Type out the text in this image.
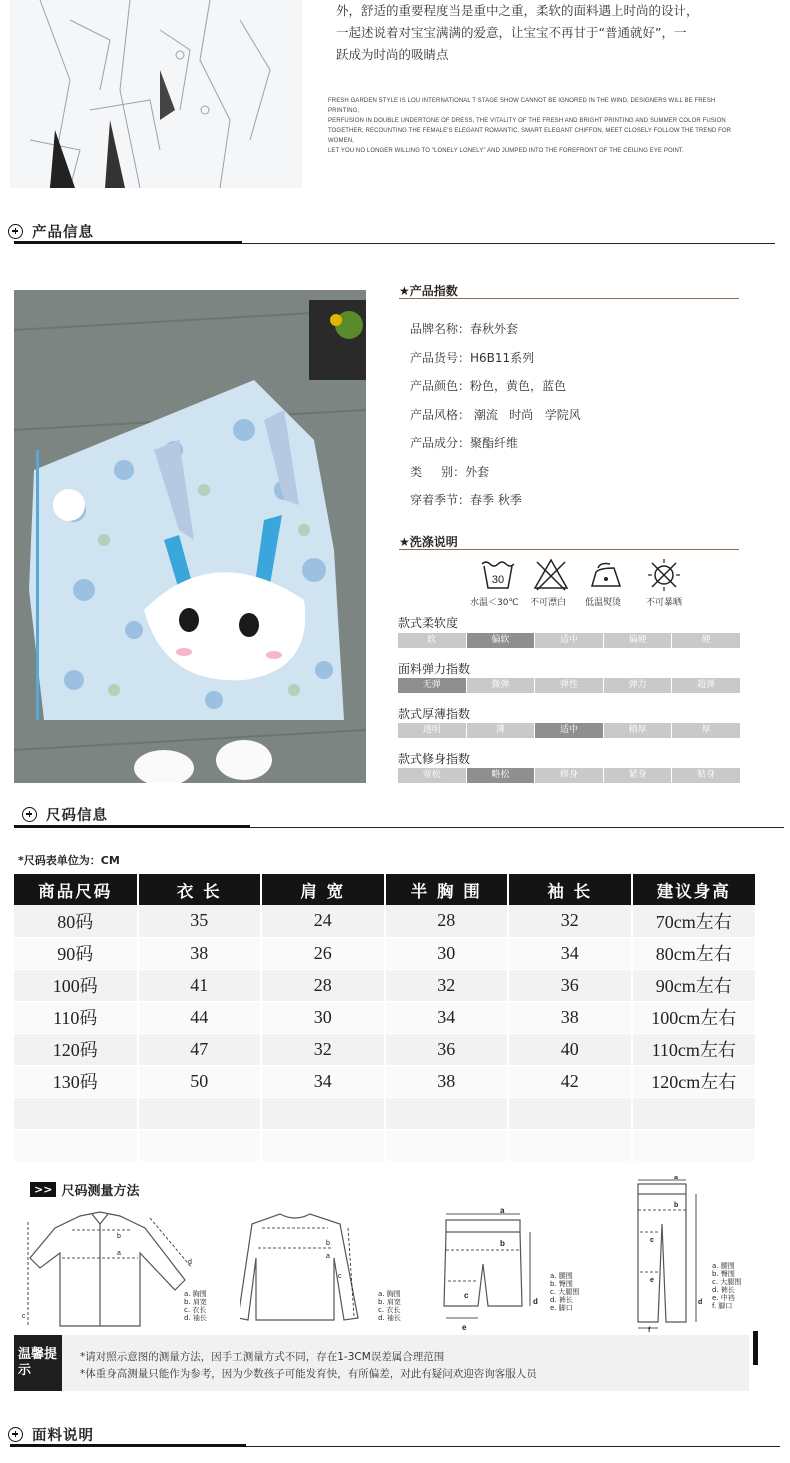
外，舒适的重要程度当是重中之重，柔软的面料遇上时尚的设计，
一起述说着对宝宝满满的爱意，让宝宝不再甘于“普通就好”，一
跃成为时尚的吸睛点
FRESH GARDEN STYLE IS LOU INTERNATIONAL T STAGE SHOW CANNOT BE IGNORED IN THE WIND, DESIGNERS WILL BE FRESH PRINTING,
PERFUSION IN DOUBLE UNDERTONE OF DRESS, THE VITALITY OF THE FRESH AND BRIGHT PRINTING AND SUMMER COLOR FUSION
TOGETHER, RECOUNTING THE FEMALE'S ELEGANT ROMANTIC, SMART ELEGANT CHIFFON, MEET CLOSELY FOLLOW THE TREND FOR WOMEN,
LET YOU NO LONGER WILLING TO "LONELY LONELY" AND JUMPED INTO THE FOREFRONT OF THE CEILING EYE POINT.
产品信息
★产品指数
品牌名称：春秋外套
产品货号：H6B11系列
产品颜色：粉色，黄色，蓝色
产品风格： 潮流   时尚   学院风
产品成分：聚酯纤维
类     别：外套
穿着季节：春季 秋季
★洗涤说明
30
水温＜30℃ 不可漂白 低温熨烫	不可暴晒
款式柔软度
软	偏软	适中	偏硬	硬
面料弹力指数
无弹	微弹	弹性	弹力	超弹
款式厚薄指数
透明	薄	适中	稍厚	厚
款式修身指数
宽松	略松	修身	紧身	贴身
尺码信息
*尺码表单位为：CM
商品尺码	衣 长	肩 宽	半 胸 围	袖 长	建议身高
80码	35	24	28	32	70cm左右
90码	38	26	30	34	80cm左右
100码	41	28	32	36	90cm左右
110码	44	30	34	38	100cm左右
120码	47	32	36	40	110cm左右
130码	50	34	38	42	120cm左右

>> 尺码测量方法
a
b
c
d
a. 胸围
b. 肩宽
c. 衣长
d. 袖长
b
a
c
a. 胸围
b. 肩宽
c. 衣长
d. 袖长
a
b
c
d
e
a. 腰围
b. 臀围
c. 大腿围
d. 裤长
e. 脚口
a
b
c
d
e
f
a. 腰围
b. 臀围
c. 大腿围
d. 裤长
e. 中裆
f. 脚口
温馨提示
*请对照示意图的测量方法，因手工测量方式不同，存在1-3CM误差属合理范围
*体重身高测量只能作为参考，因为少数孩子可能发育快，有所偏差，对此有疑问欢迎咨询客服人员
面料说明
